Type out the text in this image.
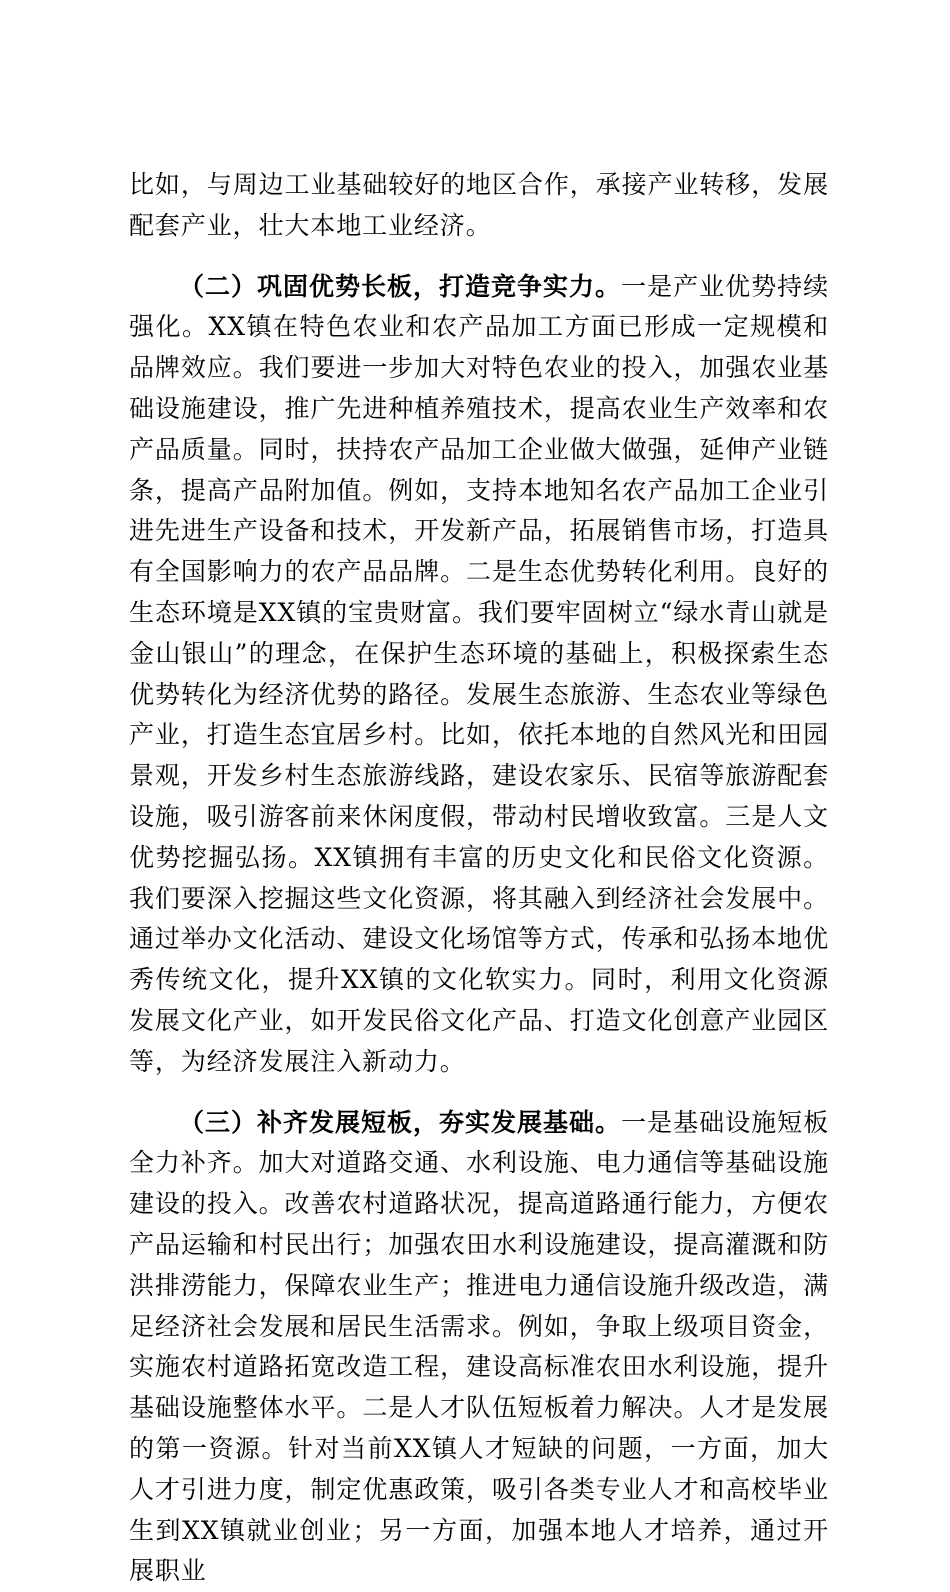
比如，与周边工业基础较好的地区合作，承接产业转移，发展配套产业，壮大本地工业经济。

（二）巩固优势长板，打造竞争实力。一是产业优势持续强化。XX镇在特色农业和农产品加工方面已形成一定规模和品牌效应。我们要进一步加大对特色农业的投入，加强农业基础设施建设，推广先进种植养殖技术，提高农业生产效率和农产品质量。同时，扶持农产品加工企业做大做强，延伸产业链条，提高产品附加值。例如，支持本地知名农产品加工企业引进先进生产设备和技术，开发新产品，拓展销售市场，打造具有全国影响力的农产品品牌。二是生态优势转化利用。良好的生态环境是XX镇的宝贵财富。我们要牢固树立“绿水青山就是金山银山”的理念，在保护生态环境的基础上，积极探索生态优势转化为经济优势的路径。发展生态旅游、生态农业等绿色产业，打造生态宜居乡村。比如，依托本地的自然风光和田园景观，开发乡村生态旅游线路，建设农家乐、民宿等旅游配套设施，吸引游客前来休闲度假，带动村民增收致富。三是人文优势挖掘弘扬。XX镇拥有丰富的历史文化和民俗文化资源。我们要深入挖掘这些文化资源，将其融入到经济社会发展中。通过举办文化活动、建设文化场馆等方式，传承和弘扬本地优秀传统文化，提升XX镇的文化软实力。同时，利用文化资源发展文化产业，如开发民俗文化产品、打造文化创意产业园区等，为经济发展注入新动力。

（三）补齐发展短板，夯实发展基础。一是基础设施短板全力补齐。加大对道路交通、水利设施、电力通信等基础设施建设的投入。改善农村道路状况，提高道路通行能力，方便农产品运输和村民出行；加强农田水利设施建设，提高灌溉和防洪排涝能力，保障农业生产；推进电力通信设施升级改造，满足经济社会发展和居民生活需求。例如，争取上级项目资金，实施农村道路拓宽改造工程，建设高标准农田水利设施，提升基础设施整体水平。二是人才队伍短板着力解决。人才是发展的第一资源。针对当前XX镇人才短缺的问题，一方面，加大人才引进力度，制定优惠政策，吸引各类专业人才和高校毕业生到XX镇就业创业；另一方面，加强本地人才培养，通过开展职业
